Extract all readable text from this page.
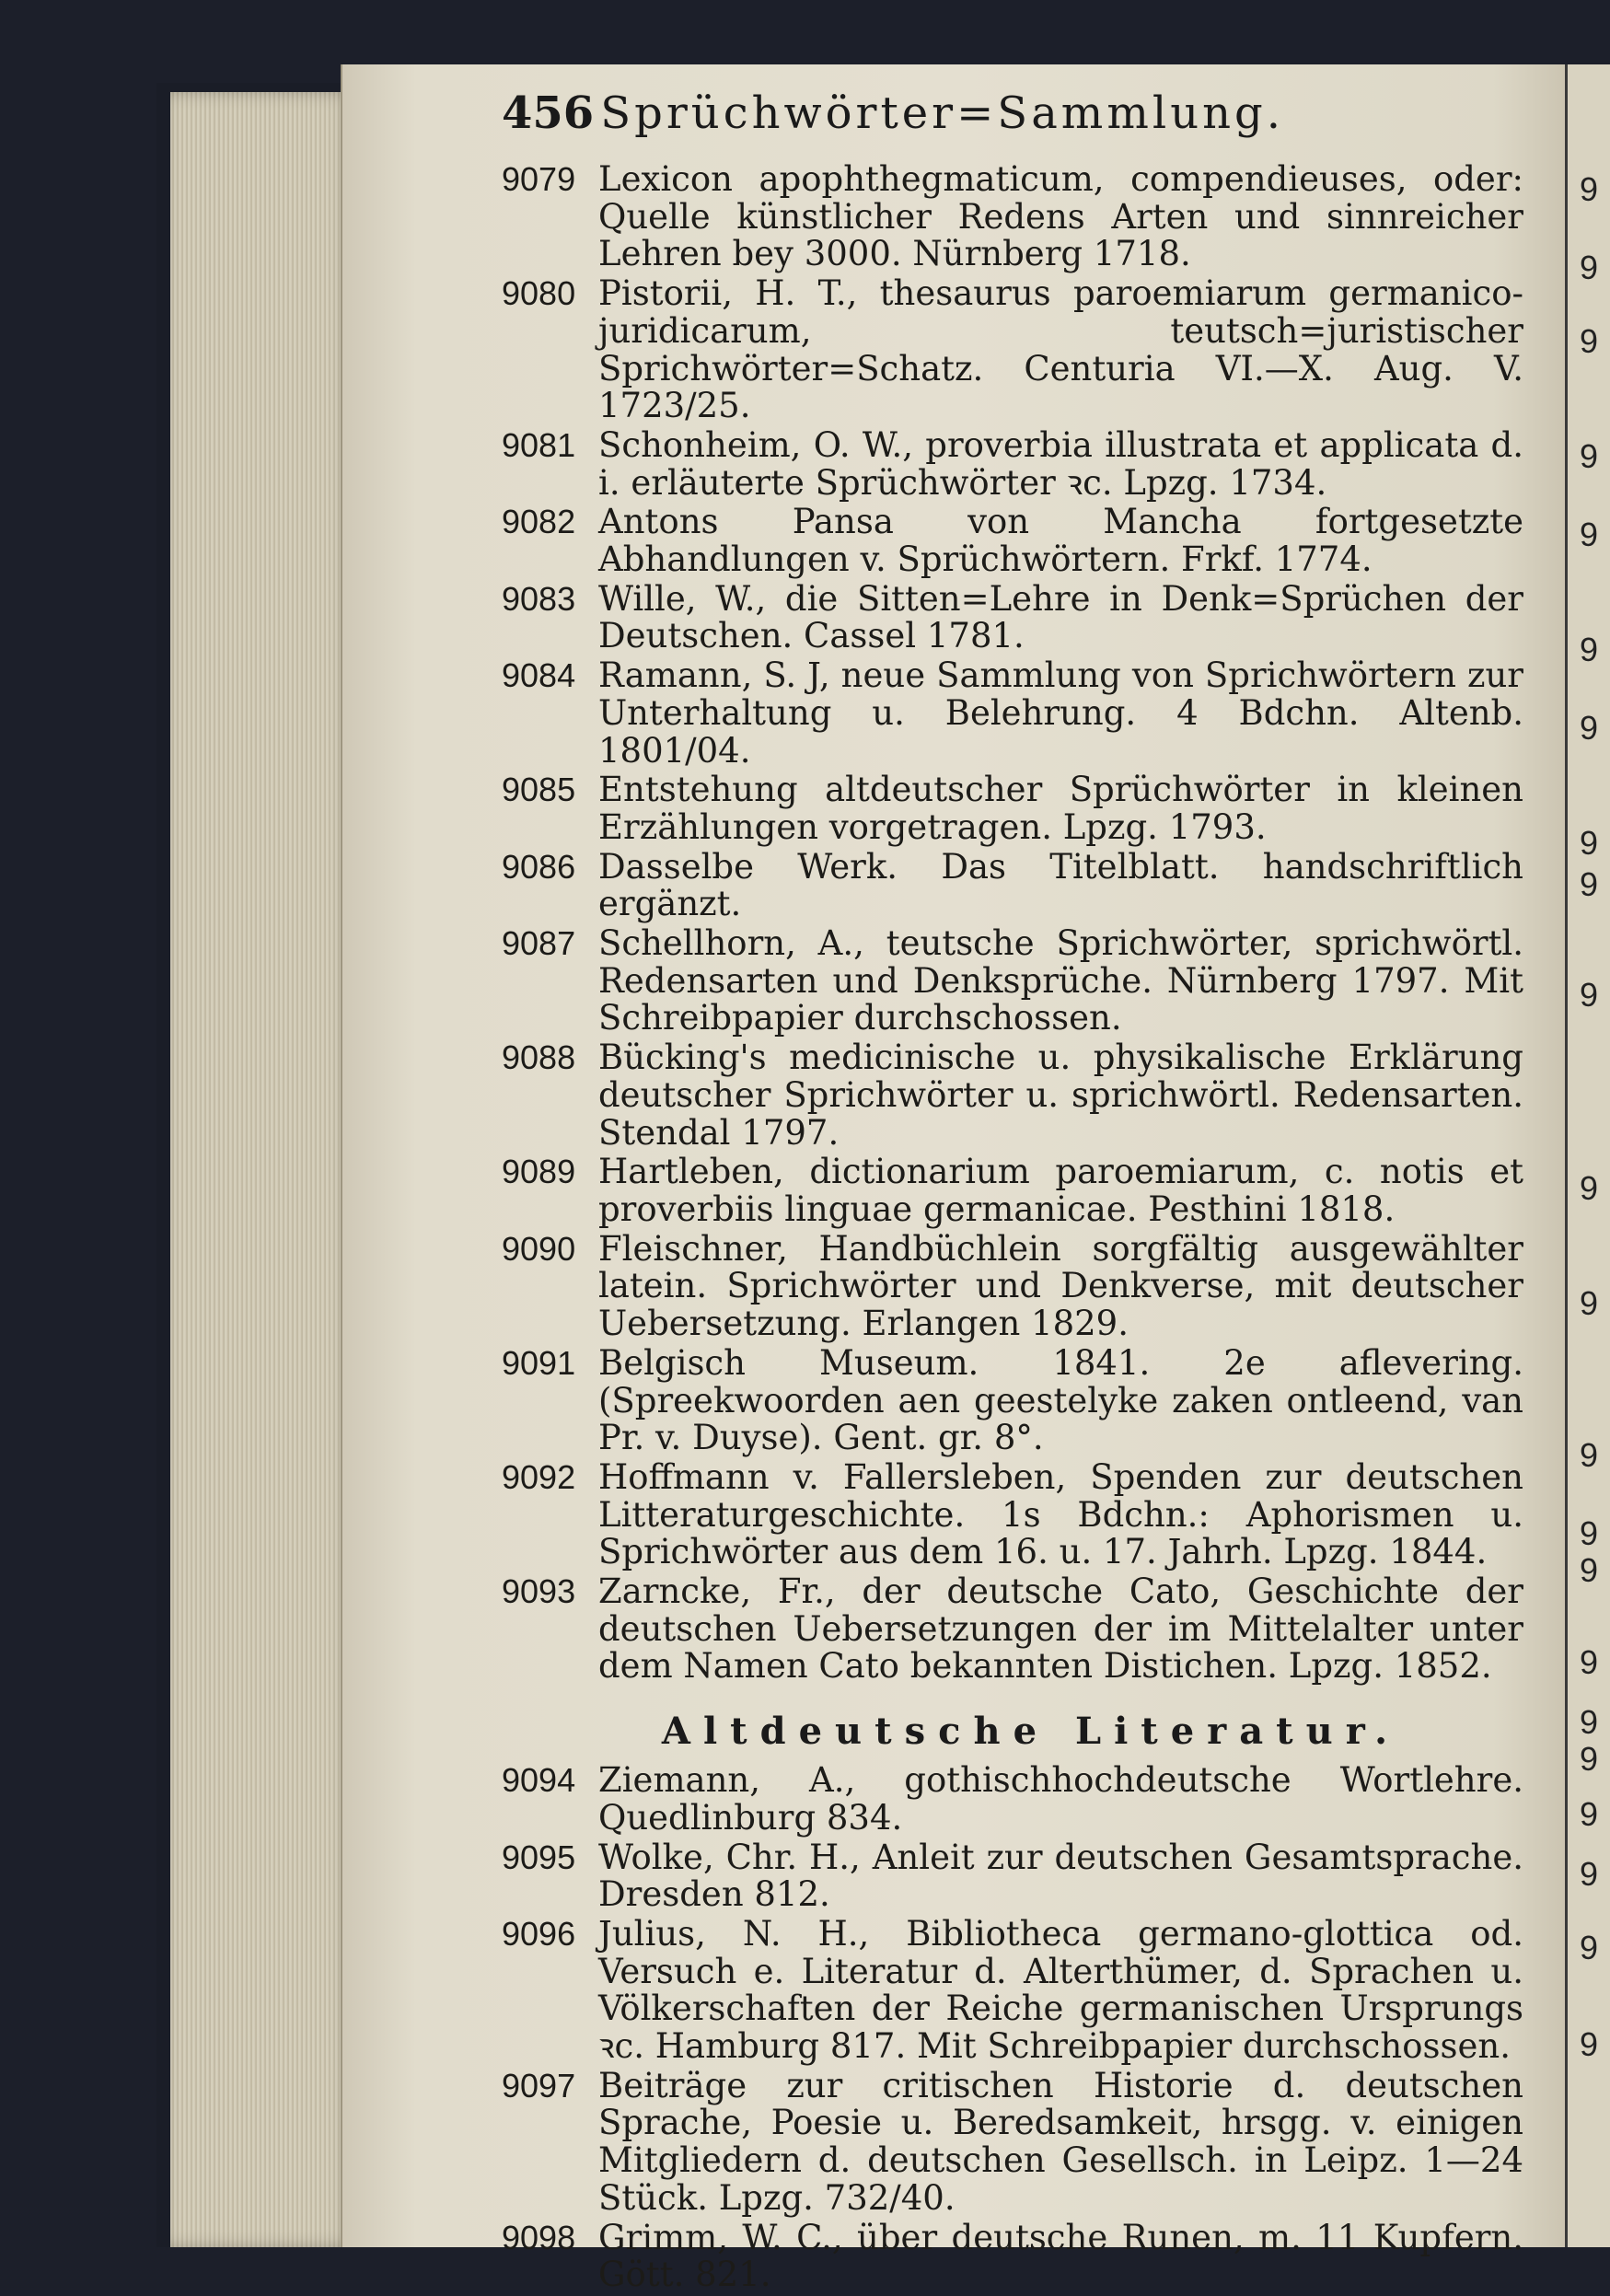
456 Sprüchwörter=Sammlung.
9079 Lexicon apophthegmaticum, compendieuses, oder: Quelle künstlicher Redens Arten und sinnreicher Lehren bey 3000. Nürnberg 1718.
9080 Pistorii, H. T., thesaurus paroemiarum germanico-juridicarum, teutsch=juristischer Sprichwörter=Schatz. Centuria VI.—X. Aug. V. 1723/25.
9081 Schonheim, O. W., proverbia illustrata et applicata d. i. erläuterte Sprüchwörter ꝛc. Lpzg. 1734.
9082 Antons Pansa von Mancha fortgesetzte Abhandlungen v. Sprüchwörtern. Frkf. 1774.
9083 Wille, W., die Sitten=Lehre in Denk=Sprüchen der Deutschen. Cassel 1781.
9084 Ramann, S. J, neue Sammlung von Sprichwörtern zur Unterhaltung u. Belehrung. 4 Bdchn. Altenb. 1801/04.
9085 Entstehung altdeutscher Sprüchwörter in kleinen Erzählungen vorgetragen. Lpzg. 1793.
9086 Dasselbe Werk. Das Titelblatt. handschriftlich ergänzt.
9087 Schellhorn, A., teutsche Sprichwörter, sprichwörtl. Redensarten und Denksprüche. Nürnberg 1797. Mit Schreibpapier durchschossen.
9088 Bücking's medicinische u. physikalische Erklärung deutscher Sprichwörter u. sprichwörtl. Redensarten. Stendal 1797.
9089 Hartleben, dictionarium paroemiarum, c. notis et proverbiis linguae germanicae. Pesthini 1818.
9090 Fleischner, Handbüchlein sorgfältig ausgewählter latein. Sprichwörter und Denkverse, mit deutscher Uebersetzung. Erlangen 1829.
9091 Belgisch Museum. 1841. 2e aflevering. (Spreekwoorden aen geestelyke zaken ontleend, van Pr. v. Duyse). Gent. gr. 8°.
9092 Hoffmann v. Fallersleben, Spenden zur deutschen Litteraturgeschichte. 1s Bdchn.: Aphorismen u. Sprichwörter aus dem 16. u. 17. Jahrh. Lpzg. 1844.
9093 Zarncke, Fr., der deutsche Cato, Geschichte der deutschen Uebersetzungen der im Mittelalter unter dem Namen Cato bekannten Distichen. Lpzg. 1852.
Altdeutsche Literatur.
9094 Ziemann, A., gothischhochdeutsche Wortlehre. Quedlinburg 834.
9095 Wolke, Chr. H., Anleit zur deutschen Gesamtsprache. Dresden 812.
9096 Julius, N. H., Bibliotheca germano-glottica od. Versuch e. Literatur d. Alterthümer, d. Sprachen u. Völkerschaften der Reiche germanischen Ursprungs ꝛc. Hamburg 817. Mit Schreibpapier durchschossen.
9097 Beiträge zur critischen Historie d. deutschen Sprache, Poesie u. Beredsamkeit, hrsgg. v. einigen Mitgliedern d. deutschen Gesellsch. in Leipz. 1—24 Stück. Lpzg. 732/40.
9098 Grimm, W. C., über deutsche Runen, m. 11 Kupfern. Gött. 821.
9
9
9
9
9
9
9
9
9
9
9
9
9
9
9
9
9
9
9
9
9
9
